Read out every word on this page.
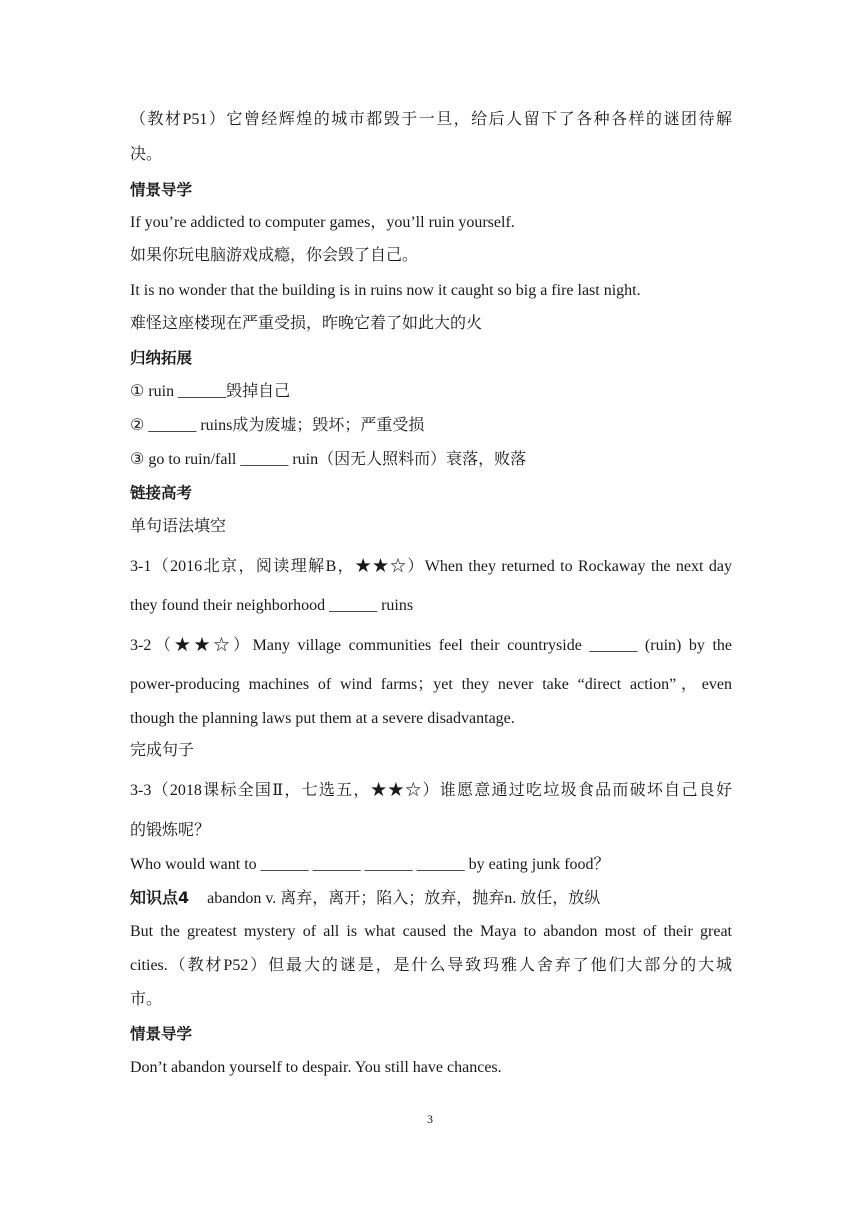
（教材P51）它曾经辉煌的城市都毁于一旦，给后人留下了各种各样的谜团待解
决。
情景导学
If you’re addicted to computer games，you’ll ruin yourself.
如果你玩电脑游戏成瘾，你会毁了自己。
It is no wonder that the building is in ruins now it caught so big a fire last night.
难怪这座楼现在严重受损，昨晚它着了如此大的火
归纳拓展
① ruin ______毁掉自己
② ______ ruins成为废墟；毁坏；严重受损
③ go to ruin/fall ______ ruin（因无人照料而）衰落，败落
链接高考
单句语法填空
3-1（2016北京，阅读理解B，★★☆）When they returned to Rockaway the next day
they found their neighborhood ______ ruins
3-2（★★☆）Many village communities feel their countryside ______ (ruin) by the
power-producing machines of wind farms；yet they never take “direct action”，even
though the planning laws put them at a severe disadvantage.
完成句子
3-3（2018课标全国Ⅱ，七选五，★★☆）谁愿意通过吃垃圾食品而破坏自己良好
的锻炼呢？
Who would want to ______ ______ ______ ______ by eating junk food？
知识点4 abandon v. 离弃，离开；陷入；放弃，抛弃n. 放任，放纵
But the greatest mystery of all is what caused the Maya to abandon most of their great
cities.（教材P52）但最大的谜是，是什么导致玛雅人舍弃了他们大部分的大城
市。
情景导学
Don’t abandon yourself to despair. You still have chances.
3
